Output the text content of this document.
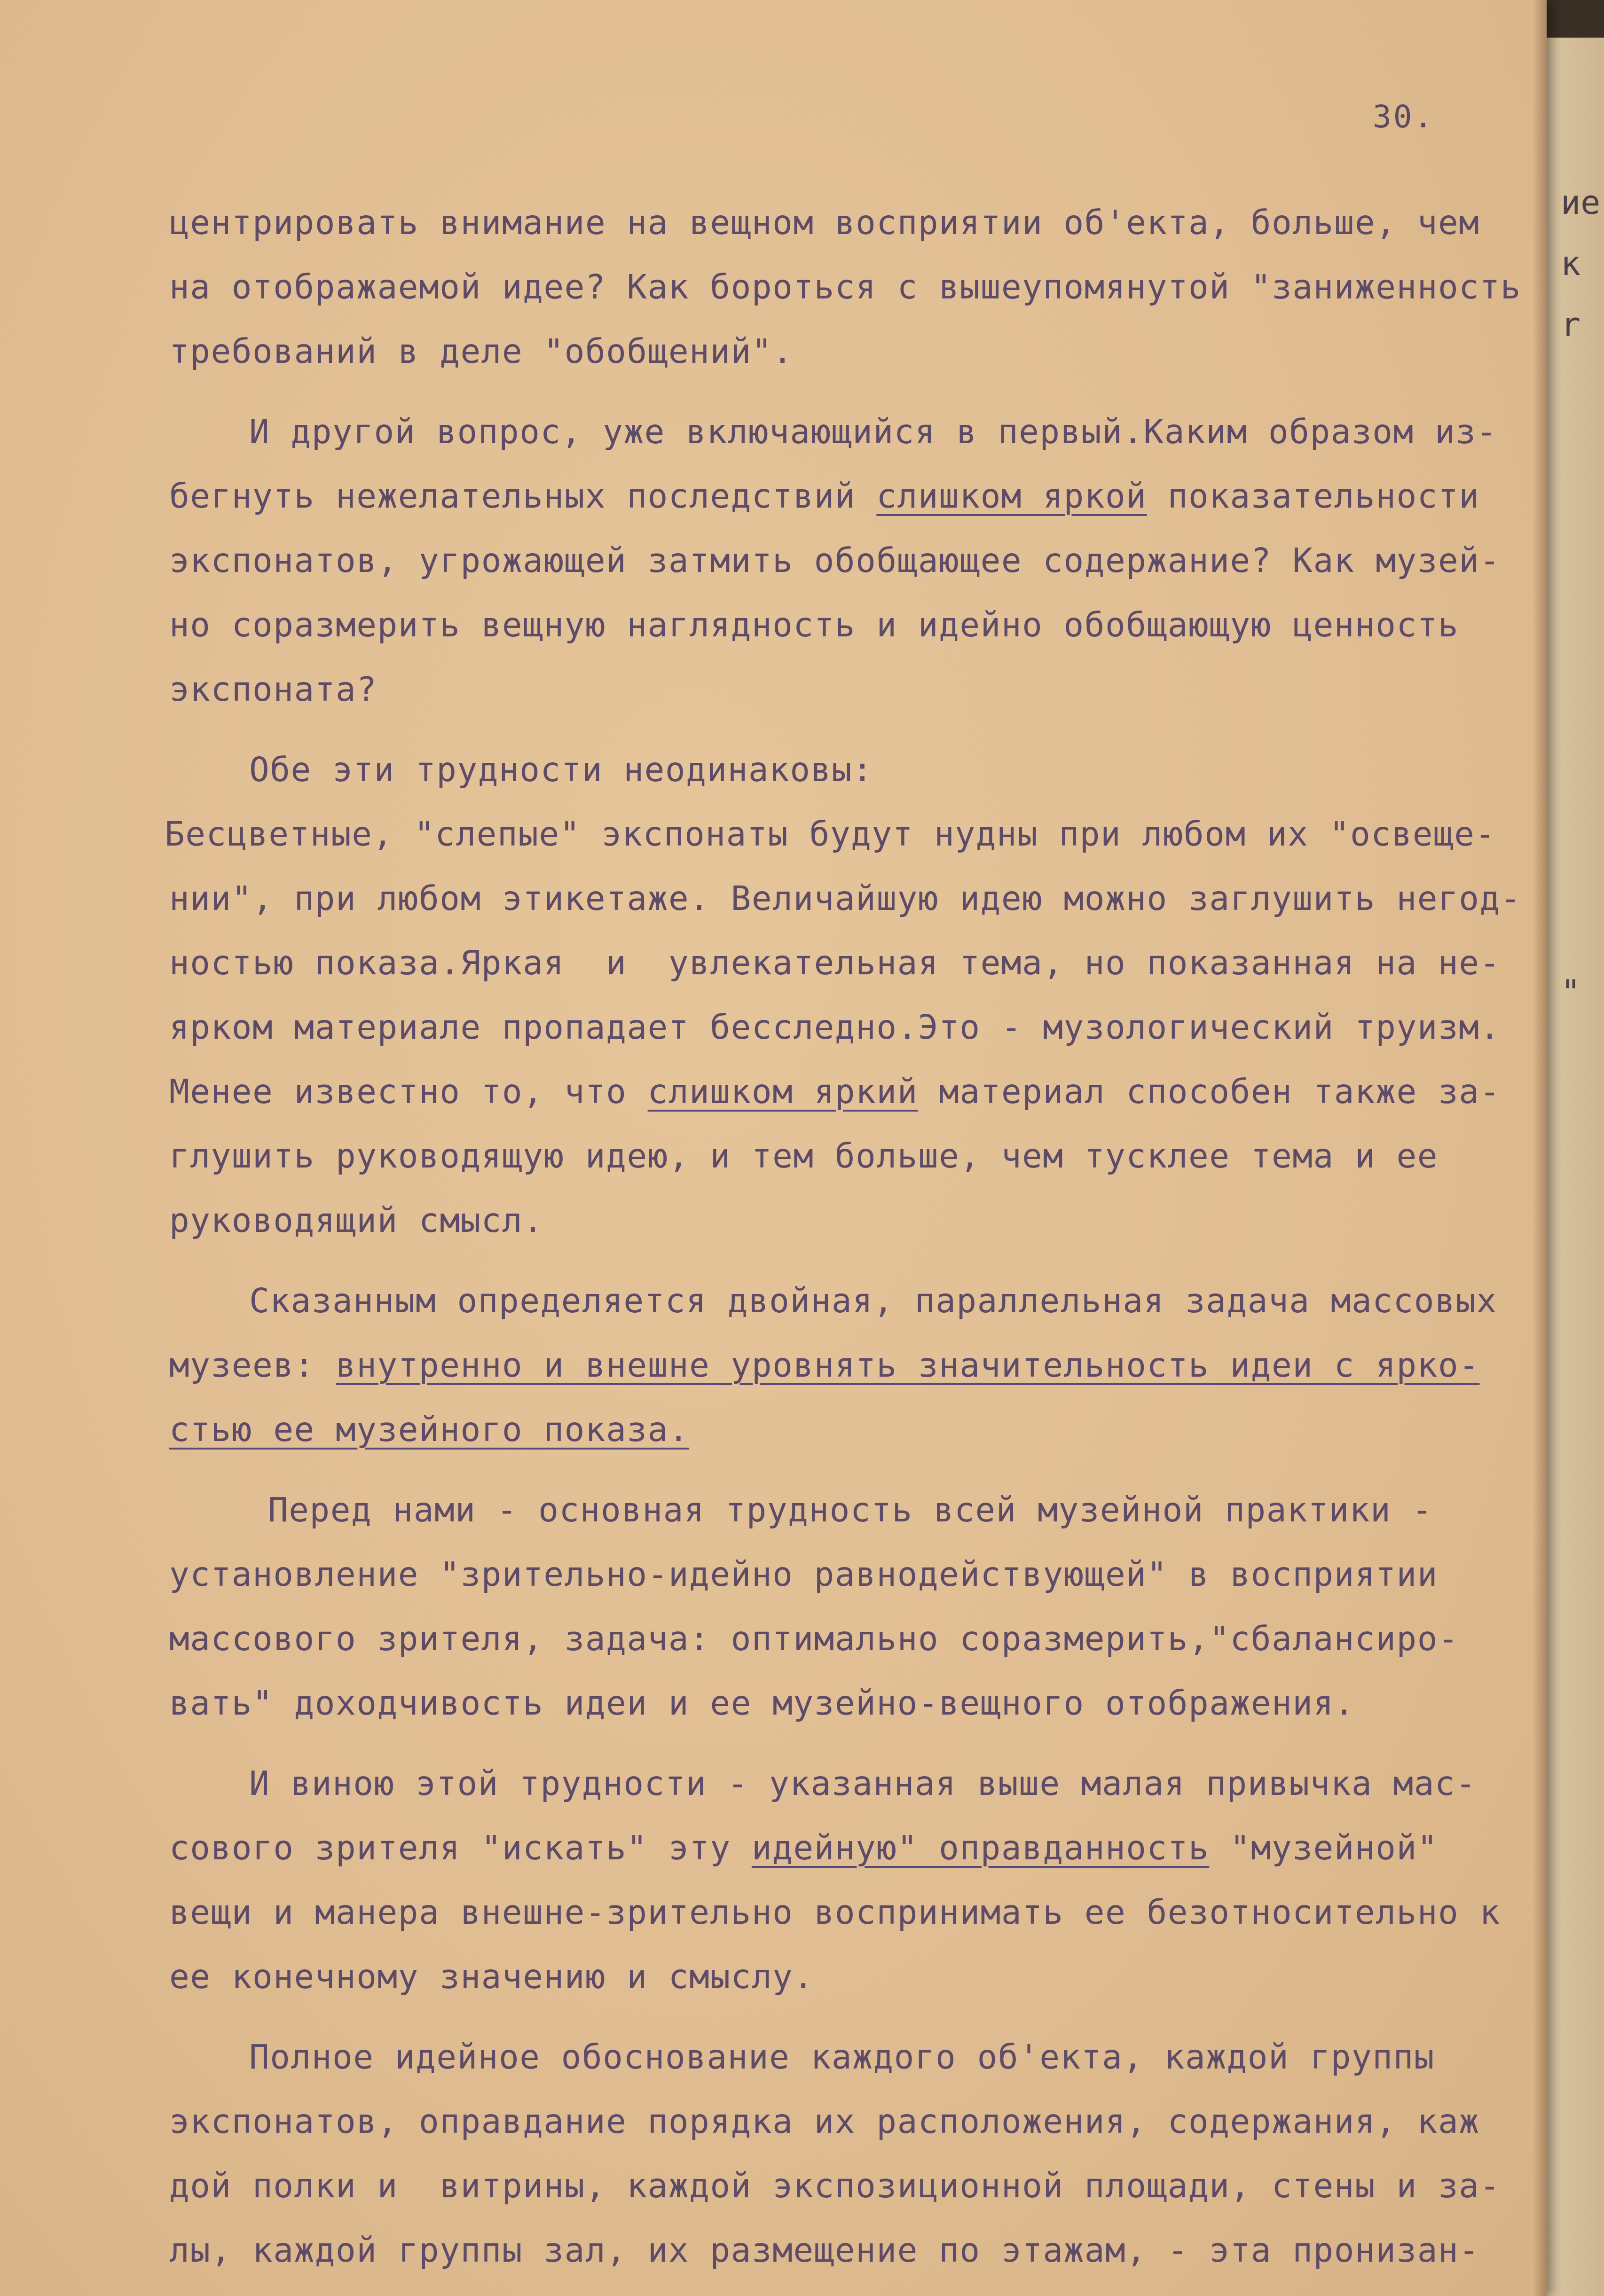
ие
к
r
"
30.
центрировать внимание на вещном восприятии об'екта, больше, чем
на отображаемой идее? Как бороться с вышеупомянутой "заниженность
требований в деле "обобщений".
И другой вопрос, уже включающийся в первый.Каким образом из-
бегнуть нежелательных последствий слишком яркой показательности
экспонатов, угрожающей затмить обобщающее содержание? Как музей-
но соразмерить вещную наглядность и идейно обобщающую ценность
экспоната?
Обе эти трудности неодинаковы:
Бесцветные, "слепые" экспонаты будут нудны при любом их "освеще-
нии", при любом этикетаже. Величайшую идею можно заглушить негод-
ностью показа.Яркая  и  увлекательная тема, но показанная на не-
ярком материале пропадает бесследно.Это - музологический труизм.
Менее известно то, что слишком яркий материал способен также за-
глушить руководящую идею, и тем больше, чем тусклее тема и ее
руководящий смысл.
Сказанным определяется двойная, параллельная задача массовых
музеев: внутренно и внешне уровнять значительность идеи с ярко-
стью ее музейного показа.
Перед нами - основная трудность всей музейной практики -
установление "зрительно-идейно равнодействующей" в восприятии
массового зрителя, задача: оптимально соразмерить,"сбалансиро-
вать" доходчивость идеи и ее музейно-вещного отображения.
И виною этой трудности - указанная выше малая привычка мас-
сового зрителя "искать" эту идейную" оправданность "музейной"
вещи и манера внешне-зрительно воспринимать ее безотносительно к
ее конечному значению и смыслу.
Полное идейное обоснование каждого об'екта, каждой группы
экспонатов, оправдание порядка их расположения, содержания, каж
дой полки и  витрины, каждой экспозиционной площади, стены и за-
лы, каждой группы зал, их размещение по этажам, - эта пронизан-
